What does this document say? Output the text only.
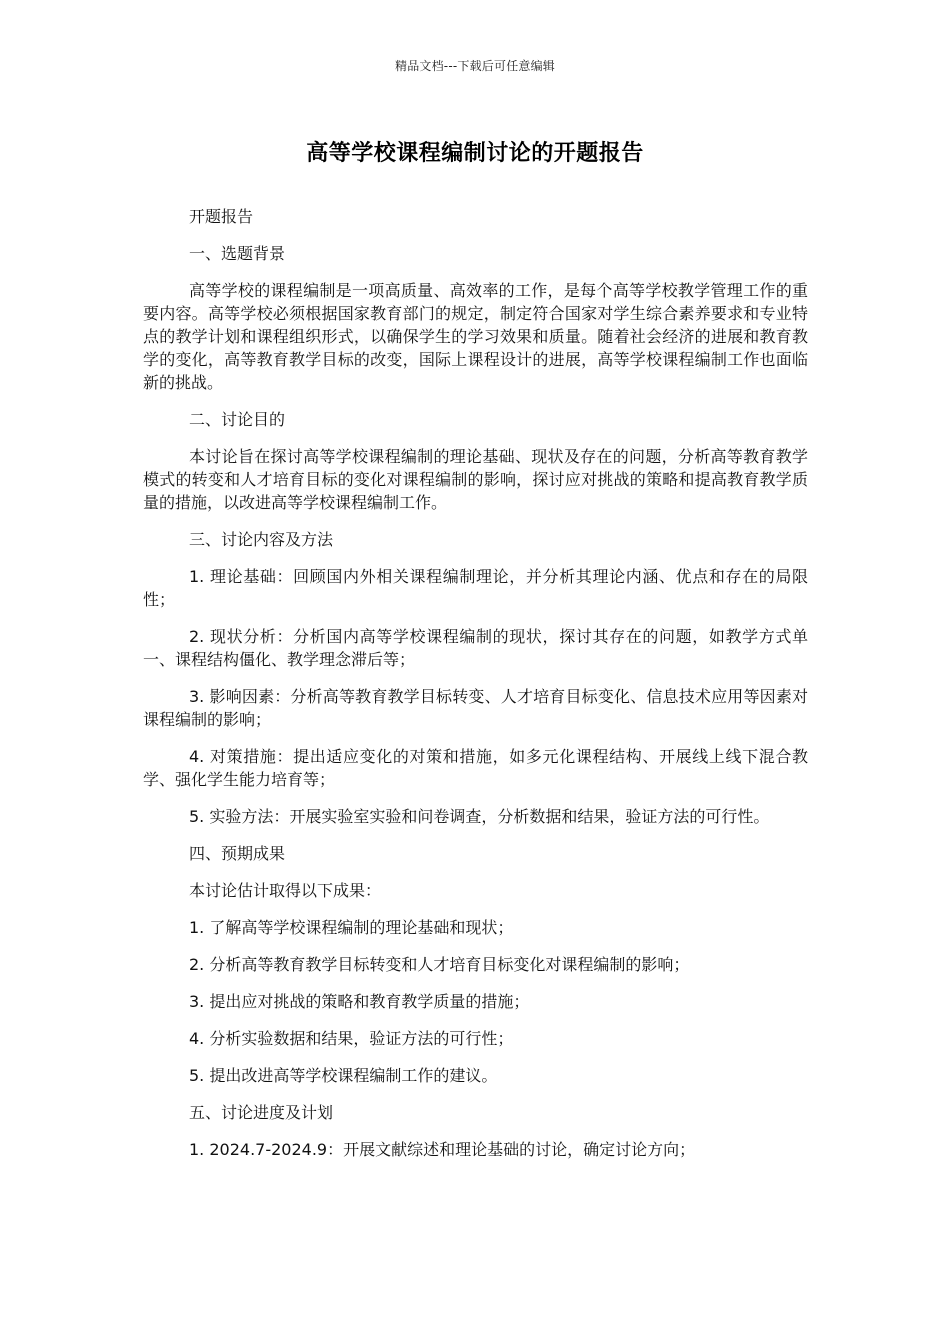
精品文档---下载后可任意编辑
高等学校课程编制讨论的开题报告

开题报告

一、选题背景

高等学校的课程编制是一项高质量、高效率的工作，是每个高等学校教学管理工作的重要内容。高等学校必须根据国家教育部门的规定，制定符合国家对学生综合素养要求和专业特点的教学计划和课程组织形式，以确保学生的学习效果和质量。随着社会经济的进展和教育教学的变化，高等教育教学目标的改变，国际上课程设计的进展，高等学校课程编制工作也面临新的挑战。

二、讨论目的

本讨论旨在探讨高等学校课程编制的理论基础、现状及存在的问题，分析高等教育教学模式的转变和人才培育目标的变化对课程编制的影响，探讨应对挑战的策略和提高教育教学质量的措施，以改进高等学校课程编制工作。

三、讨论内容及方法

1. 理论基础：回顾国内外相关课程编制理论，并分析其理论内涵、优点和存在的局限性；

2. 现状分析：分析国内高等学校课程编制的现状，探讨其存在的问题，如教学方式单一、课程结构僵化、教学理念滞后等；

3. 影响因素：分析高等教育教学目标转变、人才培育目标变化、信息技术应用等因素对课程编制的影响；

4. 对策措施：提出适应变化的对策和措施，如多元化课程结构、开展线上线下混合教学、强化学生能力培育等；

5. 实验方法：开展实验室实验和问卷调查，分析数据和结果，验证方法的可行性。

四、预期成果

本讨论估计取得以下成果：

1. 了解高等学校课程编制的理论基础和现状；

2. 分析高等教育教学目标转变和人才培育目标变化对课程编制的影响；

3. 提出应对挑战的策略和教育教学质量的措施；

4. 分析实验数据和结果，验证方法的可行性；

5. 提出改进高等学校课程编制工作的建议。

五、讨论进度及计划

1. 2024.7-2024.9：开展文献综述和理论基础的讨论，确定讨论方向；
